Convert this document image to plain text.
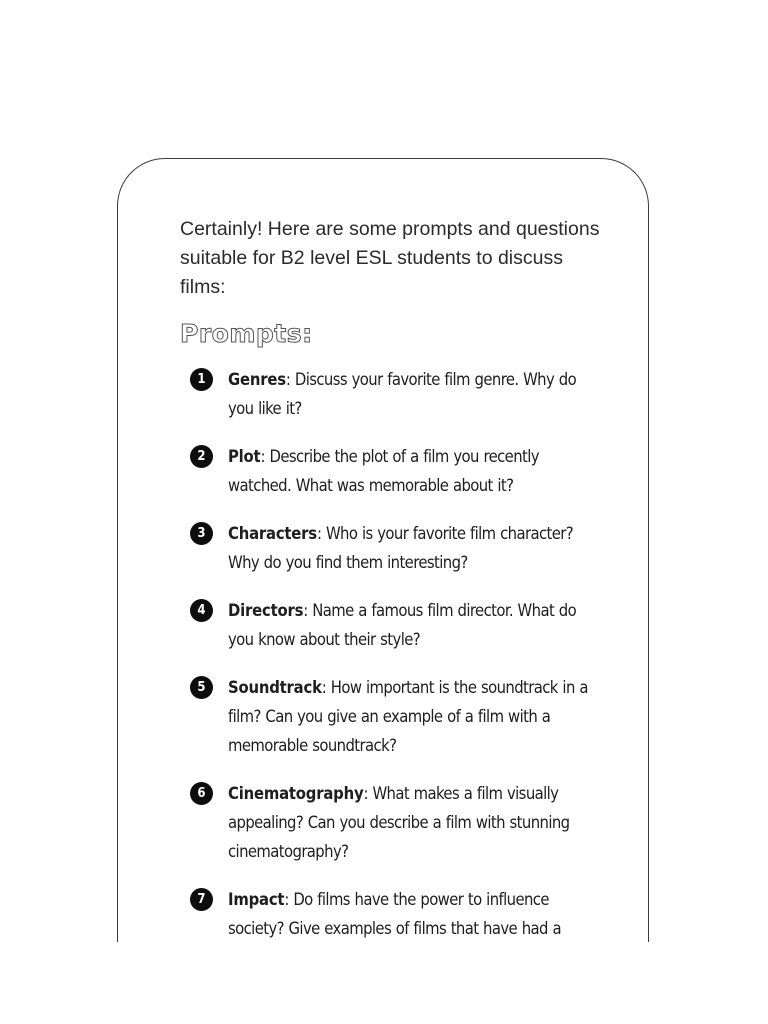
Certainly! Here are some prompts and questions suitable for B2 level ESL students to discuss films:

Prompts:
1	Genres: Discuss your favorite film genre. Why do you like it?
2	Plot: Describe the plot of a film you recently watched. What was memorable about it?
3	Characters: Who is your favorite film character? Why do you find them interesting?
4	Directors: Name a famous film director. What do you know about their style?
5	Soundtrack: How important is the soundtrack in a film? Can you give an example of a film with a memorable soundtrack?
6	Cinematography: What makes a film visually appealing? Can you describe a film with stunning cinematography?
7	Impact: Do films have the power to influence society? Give examples of films that have had a
